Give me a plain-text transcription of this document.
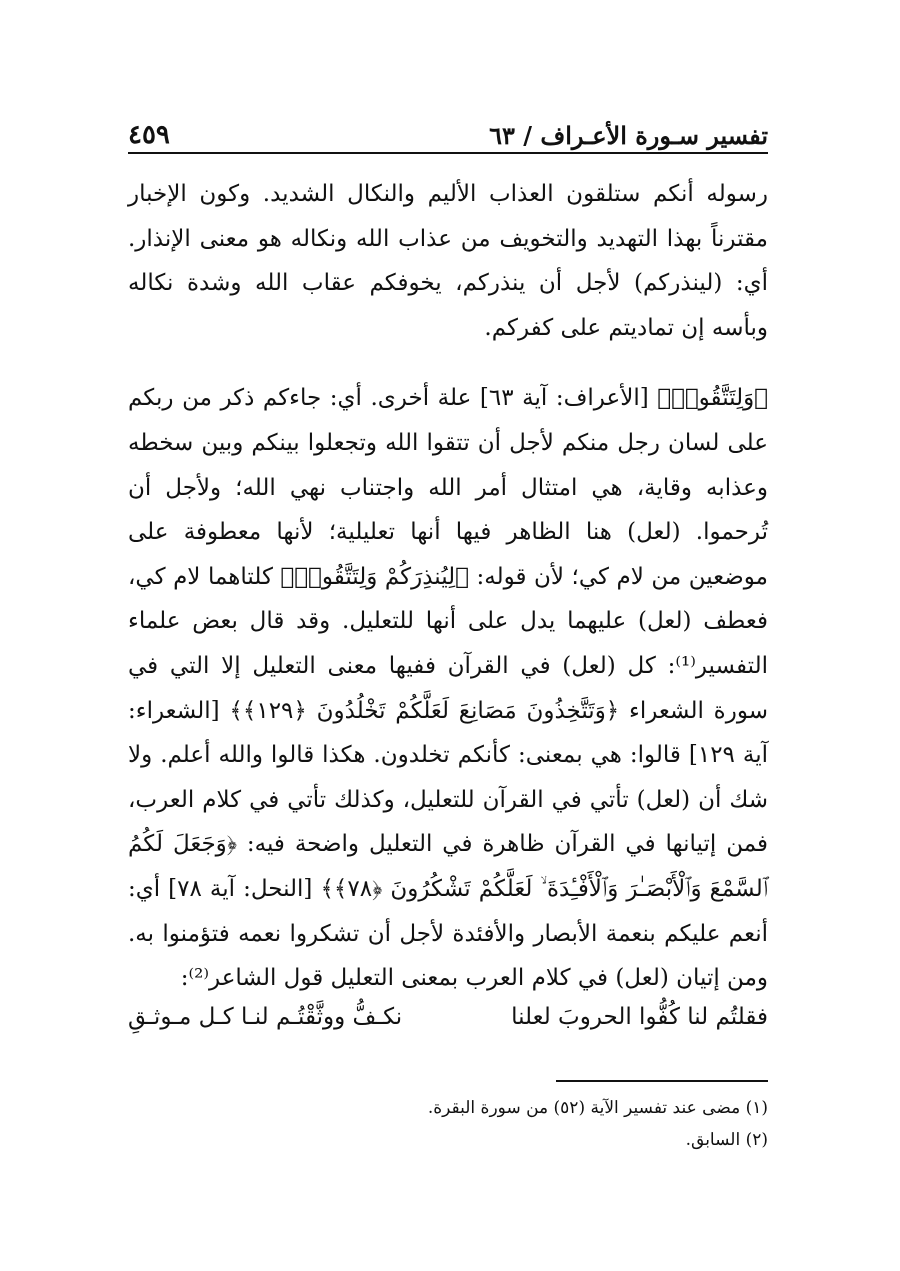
تفسير سـورة الأعـراف / ٦٣
٤٥٩

رسوله أنكم ستلقون العذاب الأليم والنكال الشديد. وكون الإخبار مقترناً بهذا التهديد والتخويف من عذاب الله ونكاله هو معنى الإنذار. أي: (لينذركم) لأجل أن ينذركم، يخوفكم عقاب الله وشدة نكاله وبأسه إن تماديتم على كفركم.

﴿وَلِتَتَّقُوا۟﴾ [الأعراف: آية ٦٣] علة أخرى. أي: جاءكم ذكر من ربكم على لسان رجل منكم لأجل أن تتقوا الله وتجعلوا بينكم وبين سخطه وعذابه وقاية، هي امتثال أمر الله واجتناب نهي الله؛ ولأجل أن تُرحموا. (لعل) هنا الظاهر فيها أنها تعليلية؛ لأنها معطوفة على موضعين من لام كي؛ لأن قوله: ﴿لِيُنذِرَكُمْ وَلِتَتَّقُوا۟﴾ كلتاهما لام كي، فعطف (لعل) عليهما يدل على أنها للتعليل. وقد قال بعض علماء التفسير⁽¹⁾: كل (لعل) في القرآن ففيها معنى التعليل إلا التي في سورة الشعراء ﴿وَتَتَّخِذُونَ مَصَانِعَ لَعَلَّكُمْ تَخْلُدُونَ ﴿١٢٩﴾﴾ [الشعراء: آية ١٢٩] قالوا: هي بمعنى: كأنكم تخلدون. هكذا قالوا والله أعلم. ولا شك أن (لعل) تأتي في القرآن للتعليل، وكذلك تأتي في كلام العرب، فمن إتيانها في القرآن ظاهرة في التعليل واضحة فيه: ﴿وَجَعَلَ لَكُمُ ٱلسَّمْعَ وَٱلْأَبْصَـٰرَ وَٱلْأَفْـِٔدَةَ ۙ لَعَلَّكُمْ تَشْكُرُونَ ﴿٧٨﴾﴾ [النحل: آية ٧٨] أي: أنعم عليكم بنعمة الأبصار والأفئدة لأجل أن تشكروا نعمه فتؤمنوا به. ومن إتيان (لعل) في كلام العرب بمعنى التعليل قول الشاعر⁽²⁾:

فقلتُم لنا كُفُّوا الحروبَ لعلنا
نكـفُّ ووثَّقْتُـم لنـا كـل مـوثـقِ

(١) مضى عند تفسير الآية (٥٢) من سورة البقرة.

(٢) السابق.
